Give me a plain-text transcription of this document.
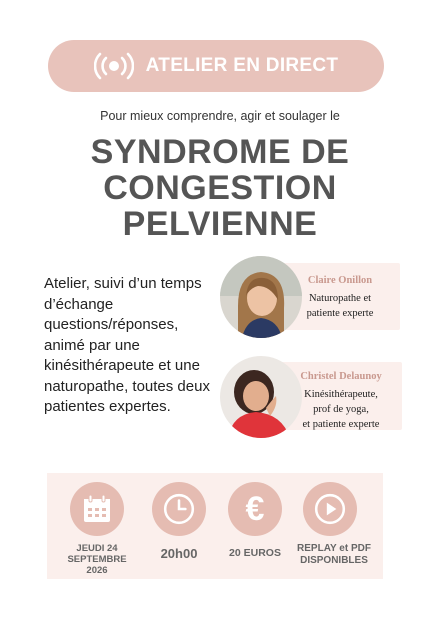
ATELIER EN DIRECT
Pour mieux comprendre, agir et soulager le
SYNDROME DE
CONGESTION
PELVIENNE
Atelier, suivi d’un temps d’échange questions/réponses, animé par une kinésithérapeute et une naturopathe, toutes deux patientes expertes.
Claire Onillon
Naturopathe et
patiente experte
Christel Delaunoy
Kinésithérapeute,
prof de yoga,
et patiente experte
JEUDI 24
SEPTEMBRE
2026
20h00
€
20 EUROS	REPLAY et PDF
DISPONIBLES
